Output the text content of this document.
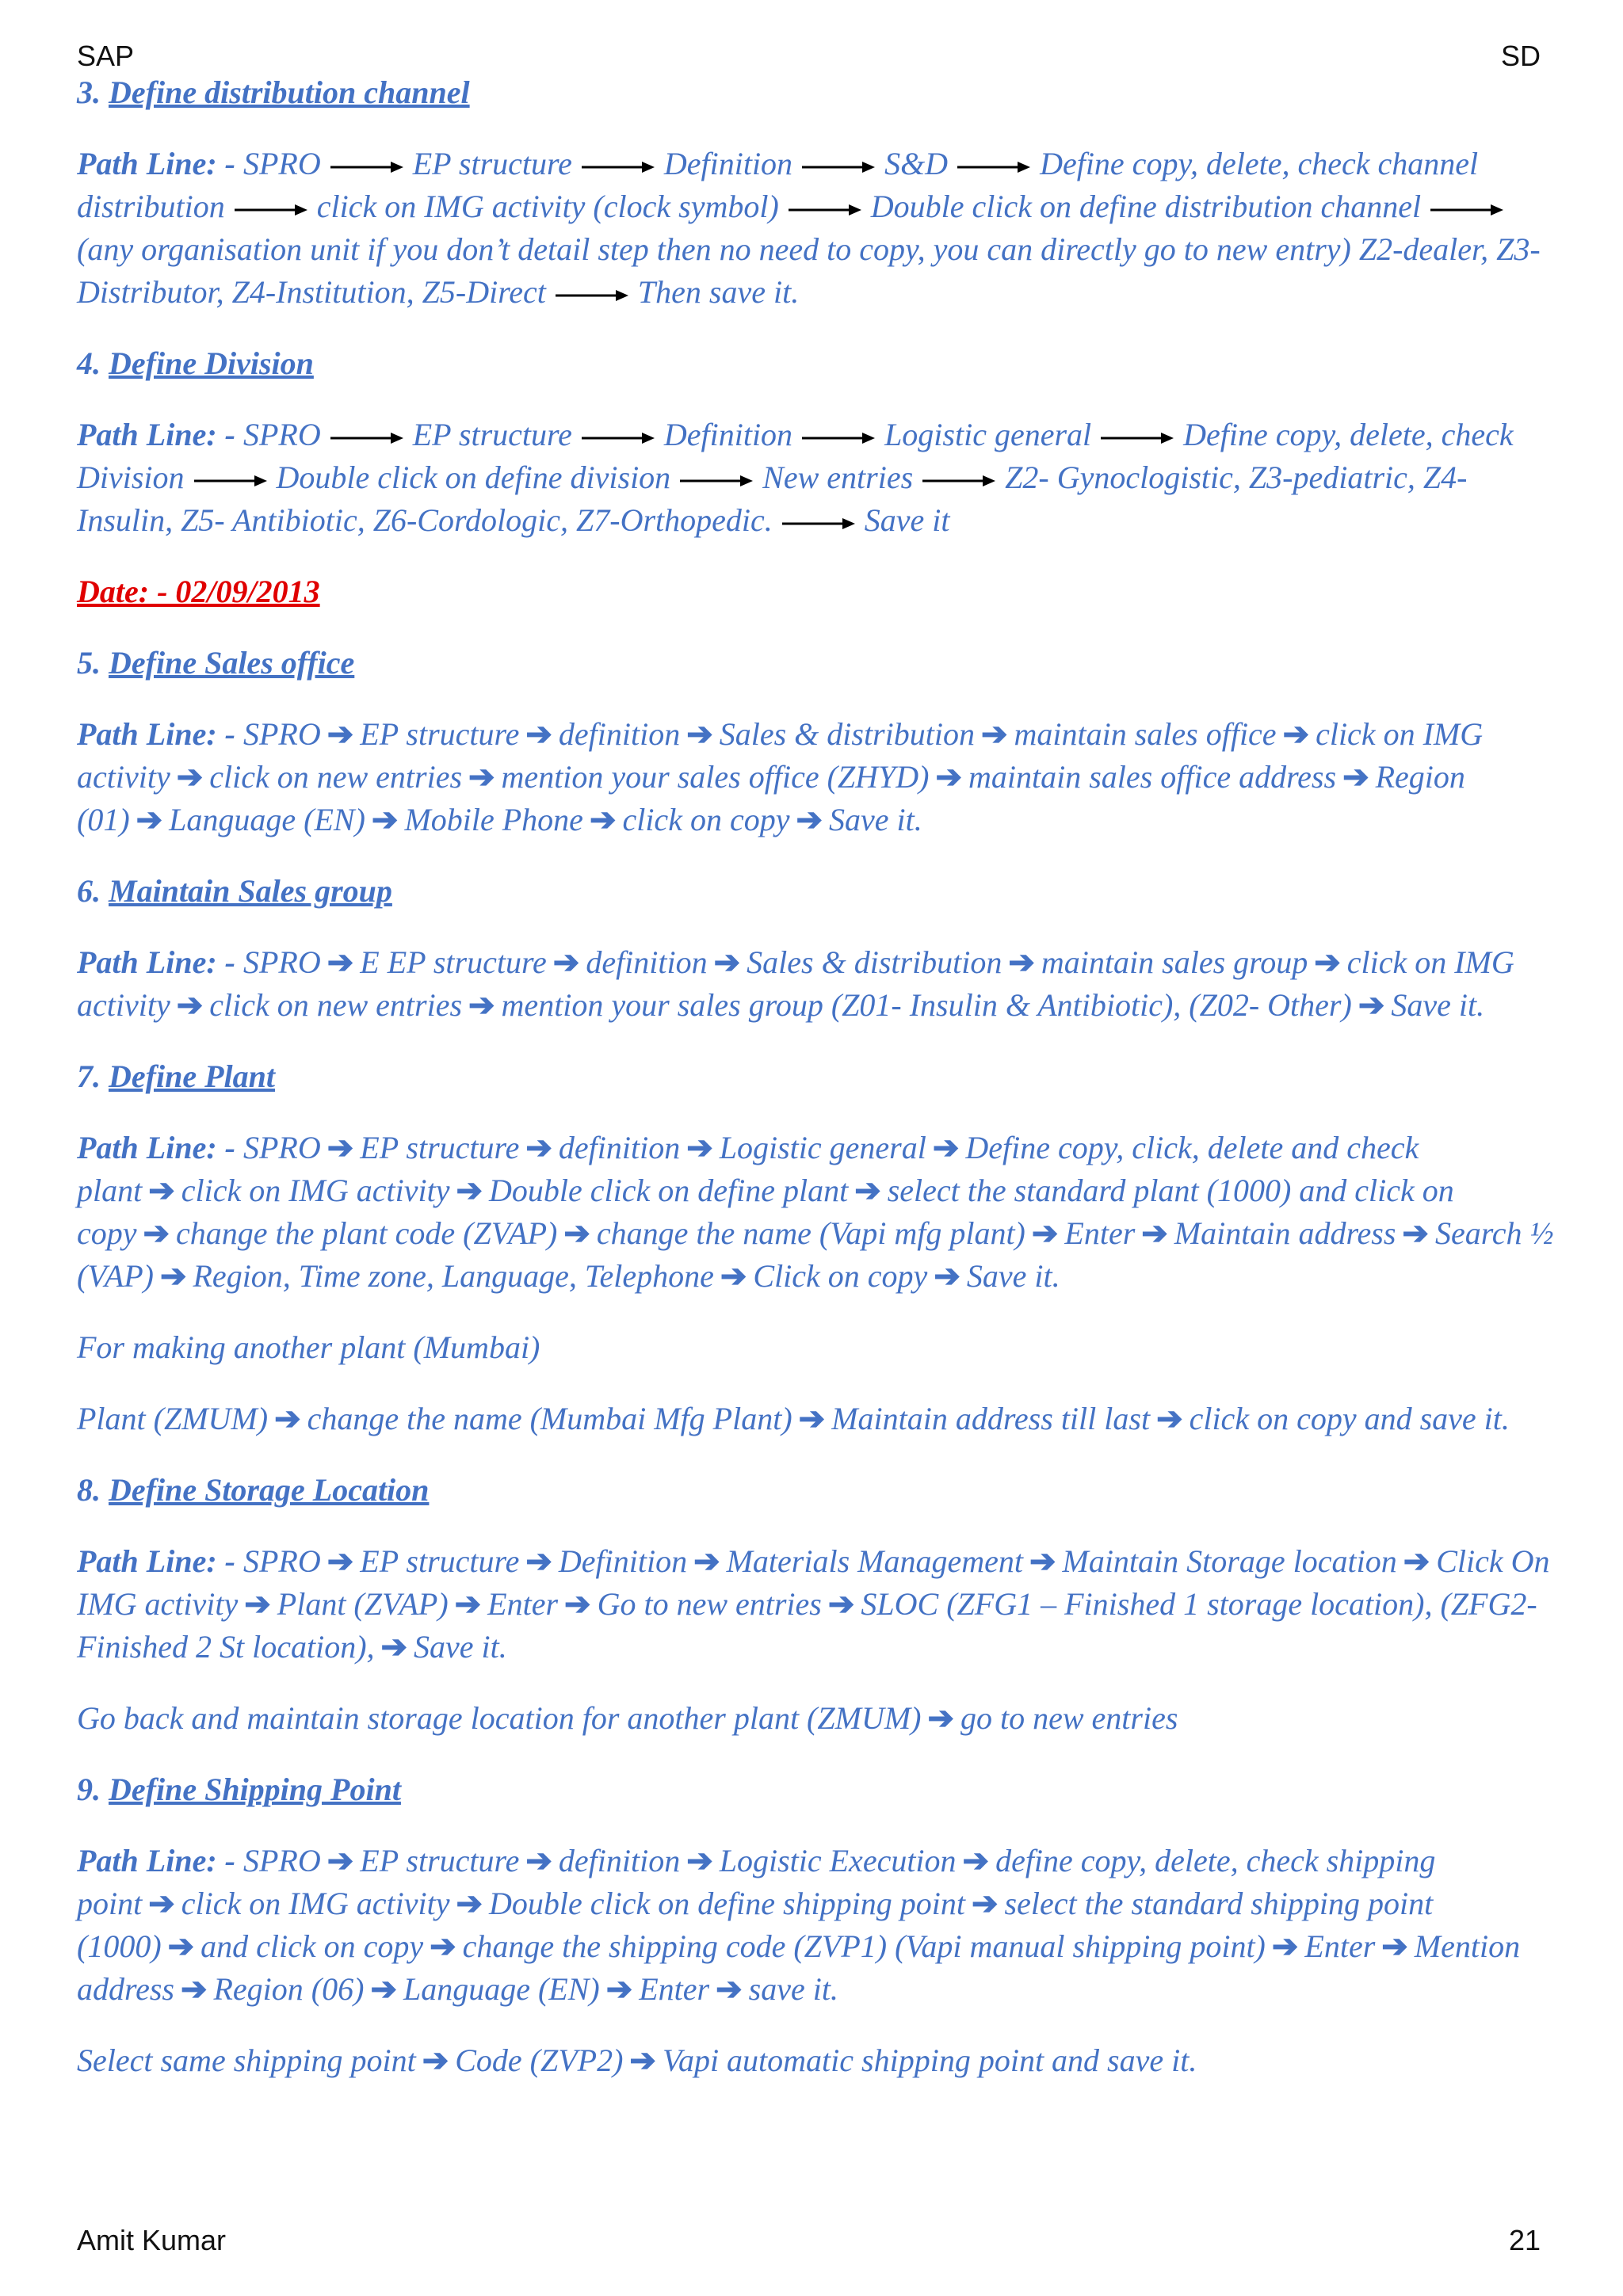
SAP	SD

3. Define distribution channel

Path Line: - SPRO	EP structure	Definition	S&D	Define copy, delete, check channel distribution	click on IMG activity (clock symbol)	Double click on define distribution channel
(any organisation unit if you don’t detail step then no need to copy, you can directly go to new entry) Z2-dealer, Z3-Distributor, Z4-Institution, Z5-Direct	Then save it.

4. Define Division

Path Line: - SPRO	EP structure	Definition	Logistic general	Define copy, delete, check Division	Double click on define division	New entries	Z2- Gynoclogistic, Z3-pediatric, Z4-Insulin, Z5- Antibiotic, Z6-Cordologic, Z7-Orthopedic.	Save it

Date: - 02/09/2013

5. Define Sales office

Path Line: - SPRO ➔ EP structure ➔ definition ➔ Sales & distribution ➔ maintain sales office ➔ click on IMG activity ➔ click on new entries ➔ mention your sales office (ZHYD) ➔ maintain sales office address ➔ Region (01) ➔ Language (EN) ➔ Mobile Phone ➔ click on copy ➔ Save it.

6. Maintain Sales group

Path Line: - SPRO ➔ E EP structure ➔ definition ➔ Sales & distribution ➔ maintain sales group ➔ click on IMG activity ➔ click on new entries ➔ mention your sales group (Z01- Insulin & Antibiotic), (Z02- Other) ➔ Save it.

7. Define Plant

Path Line: - SPRO ➔ EP structure ➔ definition ➔ Logistic general ➔ Define copy, click, delete and check plant ➔ click on IMG activity ➔ Double click on define plant ➔ select the standard plant (1000) and click on copy ➔ change the plant code (ZVAP) ➔ change the name (Vapi mfg plant) ➔ Enter ➔ Maintain address ➔ Search ½ (VAP) ➔ Region, Time zone, Language, Telephone ➔ Click on copy ➔ Save it.

For making another plant (Mumbai)

Plant (ZMUM) ➔ change the name (Mumbai Mfg Plant) ➔ Maintain address till last ➔ click on copy and save it.

8. Define Storage Location

Path Line: - SPRO ➔ EP structure ➔ Definition ➔ Materials Management ➔ Maintain Storage location ➔ Click On IMG activity ➔ Plant (ZVAP) ➔ Enter ➔ Go to new entries ➔ SLOC (ZFG1 – Finished 1 storage location), (ZFG2- Finished 2 St location), ➔ Save it.

Go back and maintain storage location for another plant (ZMUM) ➔ go to new entries

9. Define Shipping Point

Path Line: - SPRO ➔ EP structure ➔ definition ➔ Logistic Execution ➔ define copy, delete, check shipping point ➔ click on IMG activity ➔ Double click on define shipping point ➔ select the standard shipping point (1000) ➔ and click on copy ➔ change the shipping code (ZVP1) (Vapi manual shipping point) ➔ Enter ➔ Mention address ➔ Region (06) ➔ Language (EN) ➔ Enter ➔ save it.

Select same shipping point ➔ Code (ZVP2) ➔ Vapi automatic shipping point and save it.

Amit Kumar	21
